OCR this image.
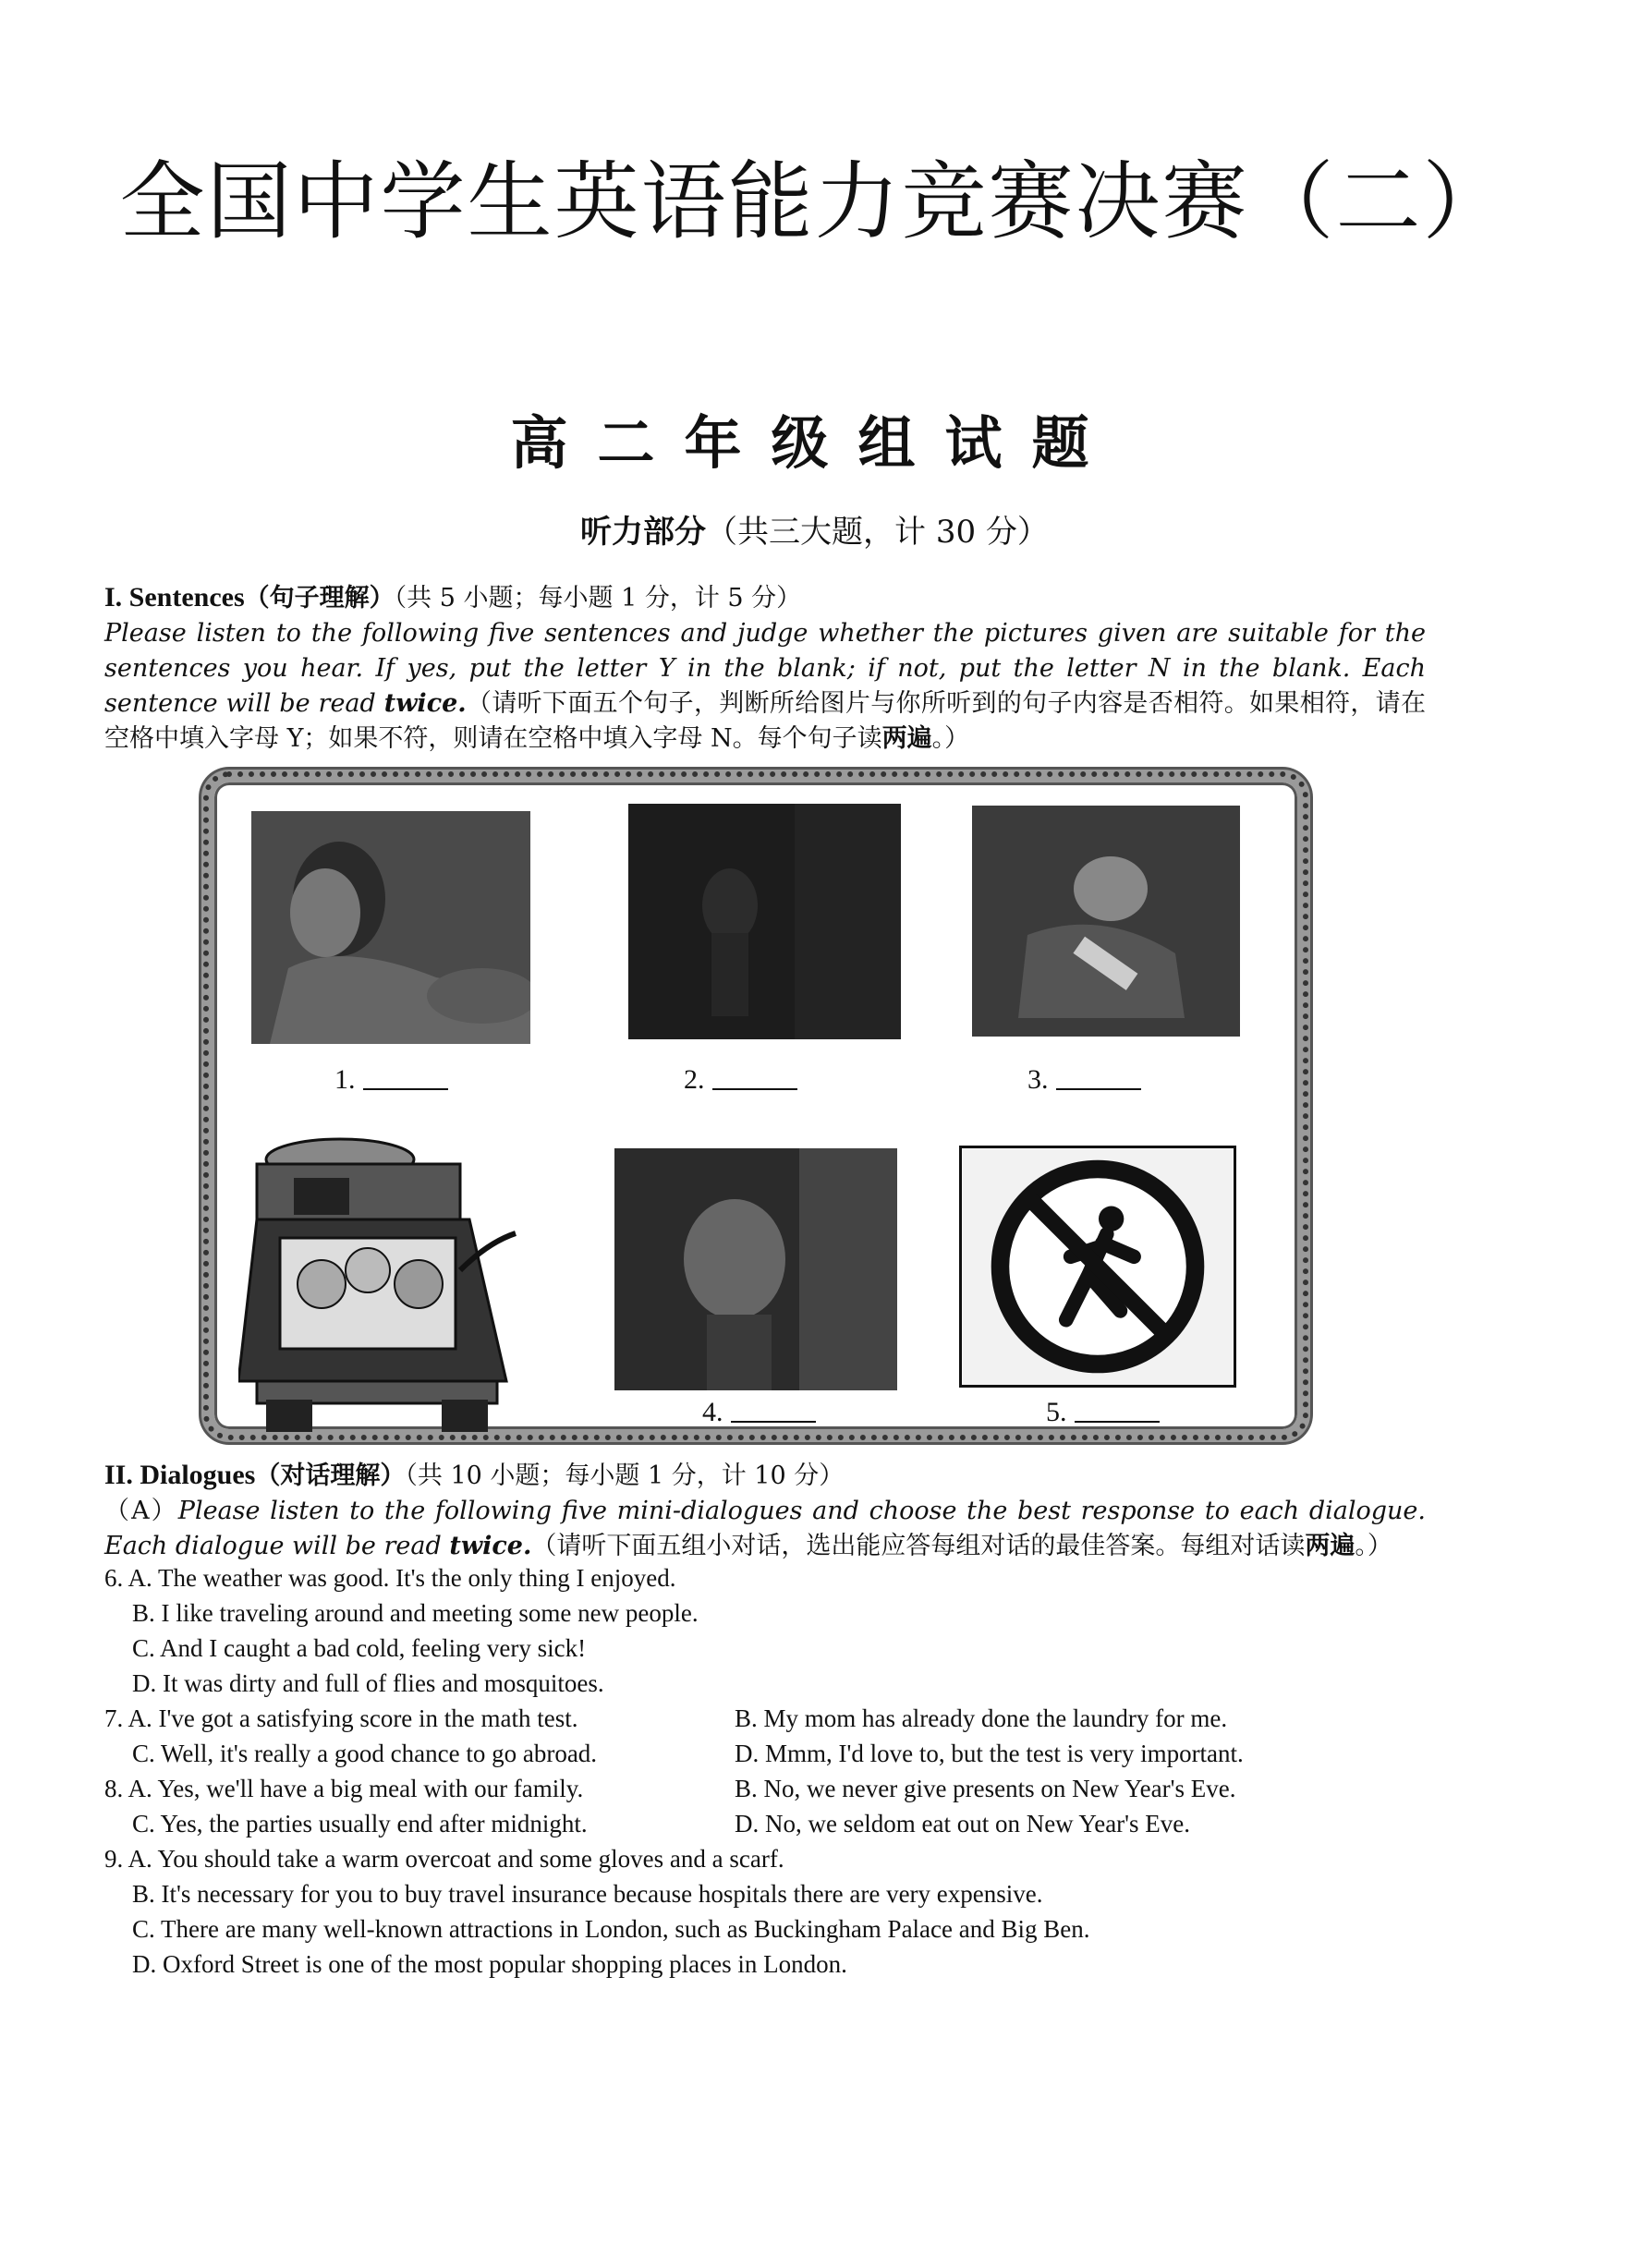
全国中学生英语能力竞赛决赛（二）
高二年级组试题
听力部分（共三大题，计 30 分）
I. Sentences（句子理解）（共 5 小题；每小题 1 分，计 5 分）
Please listen to the following five sentences and judge whether the pictures given are suitable for the sentences you hear. If yes, put the letter Y in the blank; if not, put the letter N in the blank. Each sentence will be read twice.（请听下面五个句子，判断所给图片与你所听到的句子内容是否相符。如果相符，请在空格中填入字母 Y；如果不符，则请在空格中填入字母 N。每个句子读两遍。）
1.	2.	3.
4.	5.
II. Dialogues（对话理解）（共 10 小题；每小题 1 分，计 10 分）
（A）Please listen to the following five mini-dialogues and choose the best response to each dialogue. Each dialogue will be read twice.（请听下面五组小对话，选出能应答每组对话的最佳答案。每组对话读两遍。）
6. A. The weather was good. It's the only thing I enjoyed.
B. I like traveling around and meeting some new people.
C. And I caught a bad cold, feeling very sick!
D. It was dirty and full of flies and mosquitoes.
7. A. I've got a satisfying score in the math test.	B. My mom has already done the laundry for me.
C. Well, it's really a good chance to go abroad.	D. Mmm, I'd love to, but the test is very important.
8. A. Yes, we'll have a big meal with our family.	B. No, we never give presents on New Year's Eve.
C. Yes, the parties usually end after midnight.	D. No, we seldom eat out on New Year's Eve.
9. A. You should take a warm overcoat and some gloves and a scarf.
B. It's necessary for you to buy travel insurance because hospitals there are very expensive.
C. There are many well-known attractions in London, such as Buckingham Palace and Big Ben.
D. Oxford Street is one of the most popular shopping places in London.
